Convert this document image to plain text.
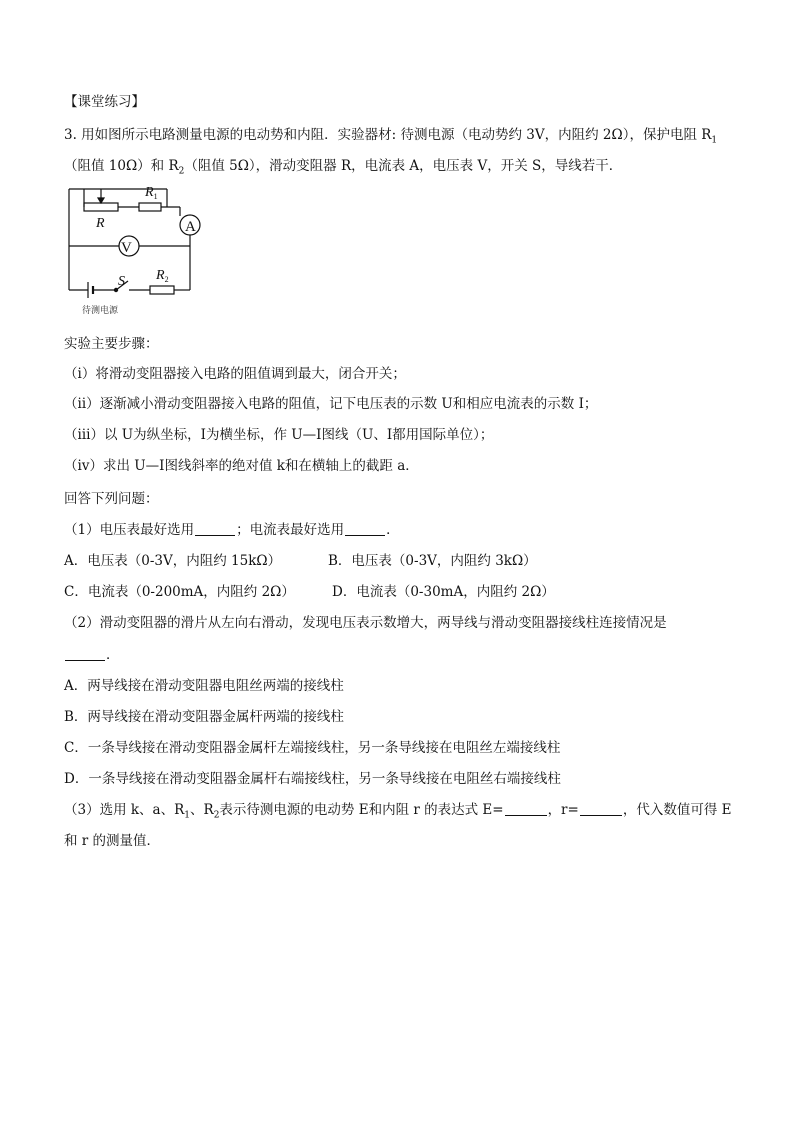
【课堂练习】
3. 用如图所示电路测量电源的电动势和内阻．实验器材: 待测电源（电动势约 3V，内阻约 2Ω），保护电阻 $R_1$
（阻值 10Ω）和 $R_2$（阻值 5Ω），滑动变阻器 R，电流表 A，电压表 V，开关 S，导线若干．
$R_1$
R
V
S $R_2$
A
待测电源
实验主要步骤：
（ⅰ）将滑动变阻器接入电路的阻值调到最大，闭合开关；
（ⅱ）逐渐减小滑动变阻器接入电路的阻值，记下电压表的示数 U和相应电流表的示数 I；
（ⅲ）以 U为纵坐标，I为横坐标，作 U—I图线（U、I都用国际单位）；
（ⅳ）求出 U—I图线斜率的绝对值 k和在横轴上的截距 a．
回答下列问题：
（1）电压表最好选用	；电流表最好选用	．
A．电压表（0-3V，内阻约 15kΩ）	B．电压表（0-3V，内阻约 3kΩ）
C．电流表（0-200mA，内阻约 2Ω）	D．电流表（0-30mA，内阻约 2Ω）
（2）滑动变阻器的滑片从左向右滑动，发现电压表示数增大，两导线与滑动变阻器接线柱连接情况是
．
A．两导线接在滑动变阻器电阻丝两端的接线柱
B．两导线接在滑动变阻器金属杆两端的接线柱
C．一条导线接在滑动变阻器金属杆左端接线柱，另一条导线接在电阻丝左端接线柱
D．一条导线接在滑动变阻器金属杆右端接线柱，另一条导线接在电阻丝右端接线柱
（3）选用 k、a、$R_1$、$R_2$表示待测电源的电动势 E和内阻 r 的表达式 E=	，r=	，代入数值可得 E
和 r 的测量值．
